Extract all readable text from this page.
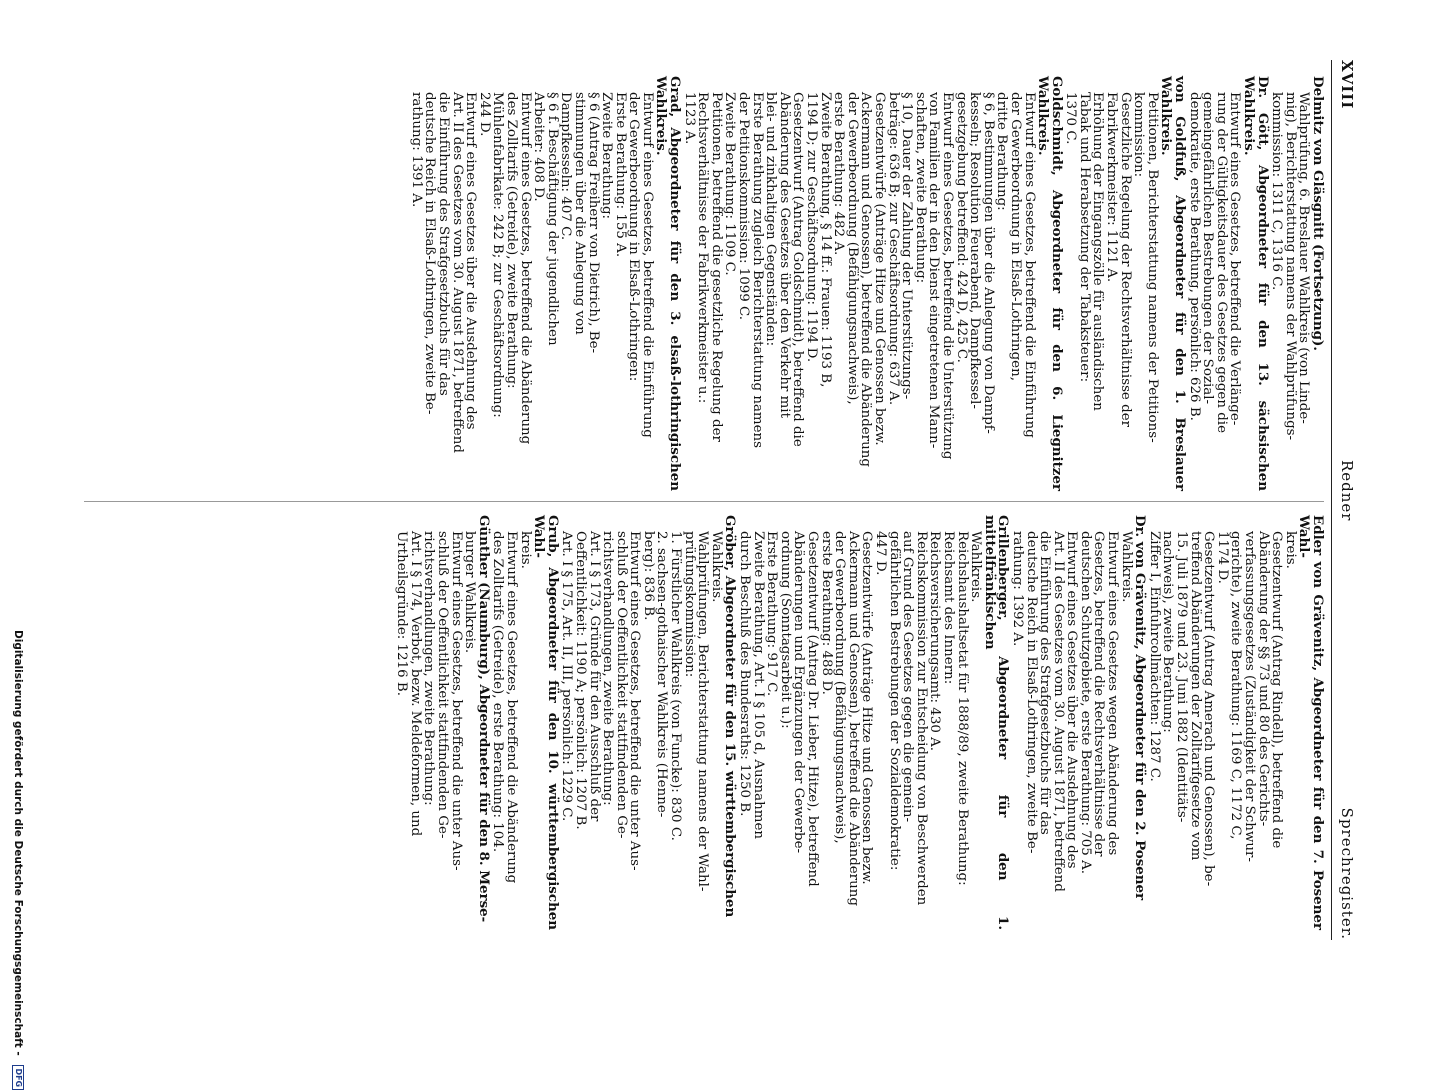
XVIII
Redner
Sprechregister.

Delmitz von Gläsgnitt (Fortsetzung).

Wahlprüfung, 6. Breslauer Wahlkreis (von Linde-

mig), Berichterstattung namens der Wahlprüfungs-

kommission: 1311 C, 1316 C.

Dr. Gött, Abgeordneter für den 13. sächsischen Wahlkreis.

Entwurf eines Gesetzes, betreffend die Verlänge-

rung der Gültigkeitsdauer des Gesetzes gegen die

gemeingefährlichen Bestrebungen der Sozial-

demokratie, erste Berathung, persönlich: 626 B.

von Goldfuß, Abgeordneter für den 1. Breslauer Wahlkreis.

Petitionen, Berichterstattung namens der Petitions-

kommission:

Gesetzliche Regelung der Rechtsverhältnisse der

Fabrikwerkmeister: 1121 A.

Erhöhung der Eingangszölle für ausländischen

Tabak und Herabsetzung der Tabaksteuer:

1370 C.

Goldschmidt, Abgeordneter für den 6. Liegnitzer Wahlkreis.

Entwurf eines Gesetzes, betreffend die Einführung

der Gewerbeordnung in Elsaß-Lothringen,

dritte Berathung:

§ 6, Bestimmungen über die Anlegung von Dampf-

kesseln; Resolution Feuerabend, Dampfkessel-

gesetzgebung betreffend: 424 D, 425 C.

Entwurf eines Gesetzes, betreffend die Unterstützung

von Familien der in den Dienst eingetretenen Mann-

schaften, zweite Berathung:

§ 10, Dauer der Zahlung der Unterstützungs-

beträge: 636 B; zur Geschäftsordnung: 637 A.

Gesetzentwürfe (Anträge Hitze und Genossen bezw.

Ackermann und Genossen), betreffend die Abänderung

der Gewerbeordnung (Befähigungsnachweis),

erste Berathung: 482 A.

Zweite Berathung, § 14 ff.: Frauen: 1193 B,

1194 D; zur Geschäftsordnung: 1194 D.

Gesetzentwurf (Antrag Goldschmidt), betreffend die

Abänderung des Gesetzes über den Verkehr mit

blei- und zinkhaltigen Gegenständen:

Erste Berathung zugleich Berichterstattung namens

der Petitionskommission: 1099 C.

Zweite Berathung: 1109 C.

Petitionen, betreffend die gesetzliche Regelung der

Rechtsverhältnisse der Fabrikwerkmeister u.:

1123 A.

Grad, Abgeordneter für den 3. elsaß-lothringischen Wahlkreis.

Entwurf eines Gesetzes, betreffend die Einführung

der Gewerbeordnung in Elsaß-Lothringen:

Erste Berathung: 155 A.

Zweite Berathung:

§ 6 (Antrag Freiherr von Dietrich), Be-

stimmungen über die Anlegung von

Dampfkesseln: 407 C.

§ 6 f. Beschäftigung der jugendlichen

Arbeiter: 408 D.

Entwurf eines Gesetzes, betreffend die Abänderung

des Zolltarifs (Getreide), zweite Berathung:

Mühlenfabrikate: 242 B; zur Geschäftsordnung:

244 D.

Entwurf eines Gesetzes über die Ausdehnung des

Art. II des Gesetzes vom 30. August 1871, betreffend

die Einführung des Strafgesetzbuchs für das

deutsche Reich in Elsaß-Lothringen, zweite Be-

rathung: 1391 A.

Edler von Grävenitz, Abgeordneter für den 7. Posener Wahl-

kreis.

Gesetzentwurf (Antrag Rindell), betreffend die

Abänderung der §§ 73 und 80 des Gerichts-

verfassungsgesetzes (Zuständigkeit der Schwur-

gerichte), zweite Berathung: 1169 C, 1172 C,

1174 D.

Gesetzentwurf (Antrag Amerach und Genossen), be-

treffend Abänderungen der Zolltarifgesetze vom

15. Juli 1879 und 23. Juni 1882 (Identitäts-

nachweis), zweite Berathung:

Ziffer I, Einfuhrcollmächten: 1287 C.

Dr. von Grävenitz, Abgeordneter für den 2. Posener

Wahlkreis.

Entwurf eines Gesetzes wegen Abänderung des

Gesetzes, betreffend die Rechtsverhältnisse der

deutschen Schutzgebiete, erste Berathung: 705 A.

Entwurf eines Gesetzes über die Ausdehnung des

Art. II des Gesetzes vom 30. August 1871, betreffend

die Einführung des Strafgesetzbuchs für das

deutsche Reich in Elsaß-Lothringen, zweite Be-

rathung: 1392 A.

Grillenberger, Abgeordneter für den 1. mittelfränkischen

Wahlkreis.

Reichshaushaltsetat für 1888/89, zweite Berathung:

Reichsamt des Innern:

Reichsversicherungsamt: 430 A.

Reichskommission zur Entscheidung von Beschwerden

auf Grund des Gesetzes gegen die gemein-

gefährlichen Bestrebungen der Sozialdemokratie:

447 D.

Gesetzentwürfe (Anträge Hitze und Genossen bezw.

Ackermann und Genossen), betreffend die Abänderung

der Gewerbeordnung (Befähigungsnachweis),

erste Berathung: 488 D.

Gesetzentwurf (Antrag Dr. Lieber, Hitze), betreffend

Abänderungen und Ergänzungen der Gewerbe-

ordnung (Sonntagsarbeit u.):

Erste Berathung: 917 C.

Zweite Berathung, Art. I § 105 d, Ausnahmen

durch Beschluß des Bundesraths: 1250 B.

Gröber, Abgeordneter für den 15. württembergischen

Wahlkreis.

Wahlprüfungen, Berichterstattung namens der Wahl-

prüfungskommission:

1. Fürstlicher Wahlkreis (von Funcke): 830 C.

2. sachsen-gothaischer Wahlkreis (Henne-

berg): 836 B.

Entwurf eines Gesetzes, betreffend die unter Aus-

schluß der Oeffentlichkeit stattfindenden Ge-

richtsverhandlungen, zweite Berathung:

Art. I § 173, Gründe für den Ausschluß der

Oeffentlichkeit: 1190 A; persönlich: 1207 B.

Art. I § 175, Art. II, III, persönlich: 1229 C.

Grub, Abgeordneter für den 10. württembergischen Wahl-

kreis.

Entwurf eines Gesetzes, betreffend die Abänderung

des Zolltarifs (Getreide), erste Berathung: 104.

Günther (Naumburg), Abgeordneter für den 8. Merse-

burger Wahlkreis.

Entwurf eines Gesetzes, betreffend die unter Aus-

schluß der Oeffentlichkeit stattfindenden Ge-

richtsverhandlungen, zweite Berathung:

Art. I § 174, Verbot, bezw. Meldeformen, und

Urtheilsgründe: 1216 B.

Digitalisierung gefördert durch die Deutsche Forschungsgemeinschaft - DFG
